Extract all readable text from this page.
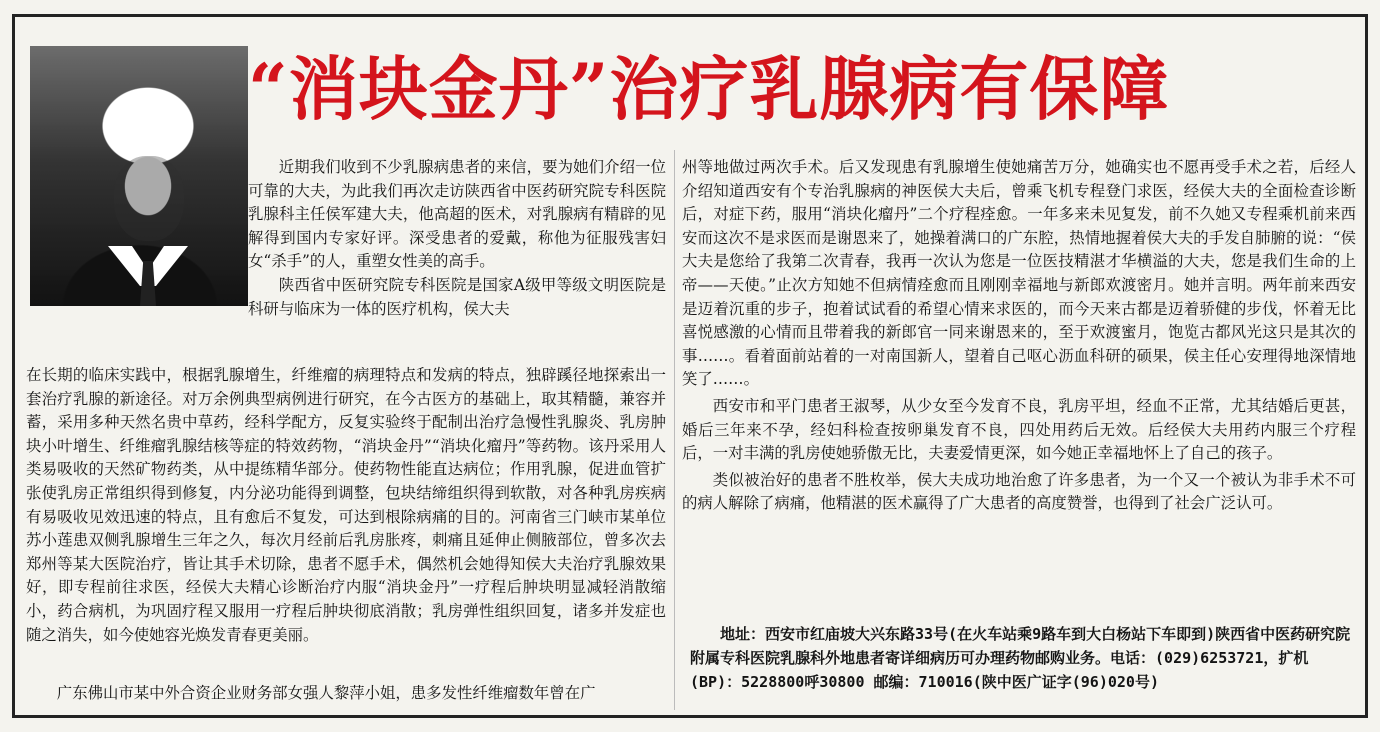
“消块金丹”治疗乳腺病有保障

近期我们收到不少乳腺病患者的来信，要为她们介绍一位可靠的大夫，为此我们再次走访陕西省中医药研究院专科医院乳腺科主任侯军建大夫，他高超的医术，对乳腺病有精辟的见解得到国内专家好评。深受患者的爱戴，称他为征服残害妇女“杀手”的人，重塑女性美的高手。

陕西省中医研究院专科医院是国家A级甲等级文明医院是科研与临床为一体的医疗机构，侯大夫

在长期的临床实践中，根据乳腺增生，纤维瘤的病理特点和发病的特点，独辟蹊径地探索出一套治疗乳腺的新途径。对万余例典型病例进行研究，在今古医方的基础上，取其精髓，兼容并蓄，采用多种天然名贵中草药，经科学配方，反复实验终于配制出治疗急慢性乳腺炎、乳房肿块小叶增生、纤维瘤乳腺结核等症的特效药物，“消块金丹”“消块化瘤丹”等药物。该丹采用人类易吸收的天然矿物药类，从中提练精华部分。使药物性能直达病位；作用乳腺，促进血管扩张使乳房正常组织得到修复，内分泌功能得到调整，包块结缔组织得到软散，对各种乳房疾病有易吸收见效迅速的特点，且有愈后不复发，可达到根除病痛的目的。河南省三门峡市某单位苏小莲患双侧乳腺增生三年之久，每次月经前后乳房胀疼，刺痛且延伸止侧腋部位，曾多次去郑州等某大医院治疗，皆让其手术切除，患者不愿手术，偶然机会她得知侯大夫治疗乳腺效果好，即专程前往求医，经侯大夫精心诊断治疗内服“消块金丹”一疗程后肿块明显减轻消散缩小，药合病机，为巩固疗程又服用一疗程后肿块彻底消散；乳房弹性组织回复，诸多并发症也随之消失，如今使她容光焕发青春更美丽。

广东佛山市某中外合资企业财务部女强人黎萍小姐，患多发性纤维瘤数年曾在广

州等地做过两次手术。后又发现患有乳腺增生使她痛苦万分，她确实也不愿再受手术之若，后经人介绍知道西安有个专治乳腺病的神医侯大夫后，曾乘飞机专程登门求医，经侯大夫的全面检查诊断后，对症下药，服用“消块化瘤丹”二个疗程痊愈。一年多来未见复发，前不久她又专程乘机前来西安而这次不是求医而是谢恩来了，她操着满口的广东腔，热情地握着侯大夫的手发自肺腑的说：“侯大夫是您给了我第二次青春，我再一次认为您是一位医技精湛才华横溢的大夫，您是我们生命的上帝——天使。”止次方知她不但病情痊愈而且刚刚幸福地与新郎欢渡密月。她并言明。两年前来西安是迈着沉重的步子，抱着试试看的希望心情来求医的，而今天来古都是迈着骄健的步伐，怀着无比喜悦感激的心情而且带着我的新郎官一同来谢恩来的，至于欢渡蜜月，饱览古都风光这只是其次的事……。看着面前站着的一对南国新人，望着自己呕心沥血科研的硕果，侯主任心安理得地深情地笑了……。

西安市和平门患者王淑琴，从少女至今发育不良，乳房平坦，经血不正常，尤其结婚后更甚，婚后三年来不孕，经妇科检查按卵巢发育不良，四处用药后无效。后经侯大夫用药内服三个疗程后，一对丰满的乳房使她骄傲无比，夫妻爱情更深，如今她正幸福地怀上了自己的孩子。

类似被治好的患者不胜枚举，侯大夫成功地治愈了许多患者，为一个又一个被认为非手术不可的病人解除了病痛，他精湛的医术赢得了广大患者的高度赞誉，也得到了社会广泛认可。

地址：西安市红庙坡大兴东路33号(在火车站乘9路车到大白杨站下车即到)陕西省中医药研究院附属专科医院乳腺科外地患者寄详细病历可办理药物邮购业务。电话：(029)6253721，扩机(BP)：5228800呼30800 邮编：710016(陕中医广证字(96)020号)
